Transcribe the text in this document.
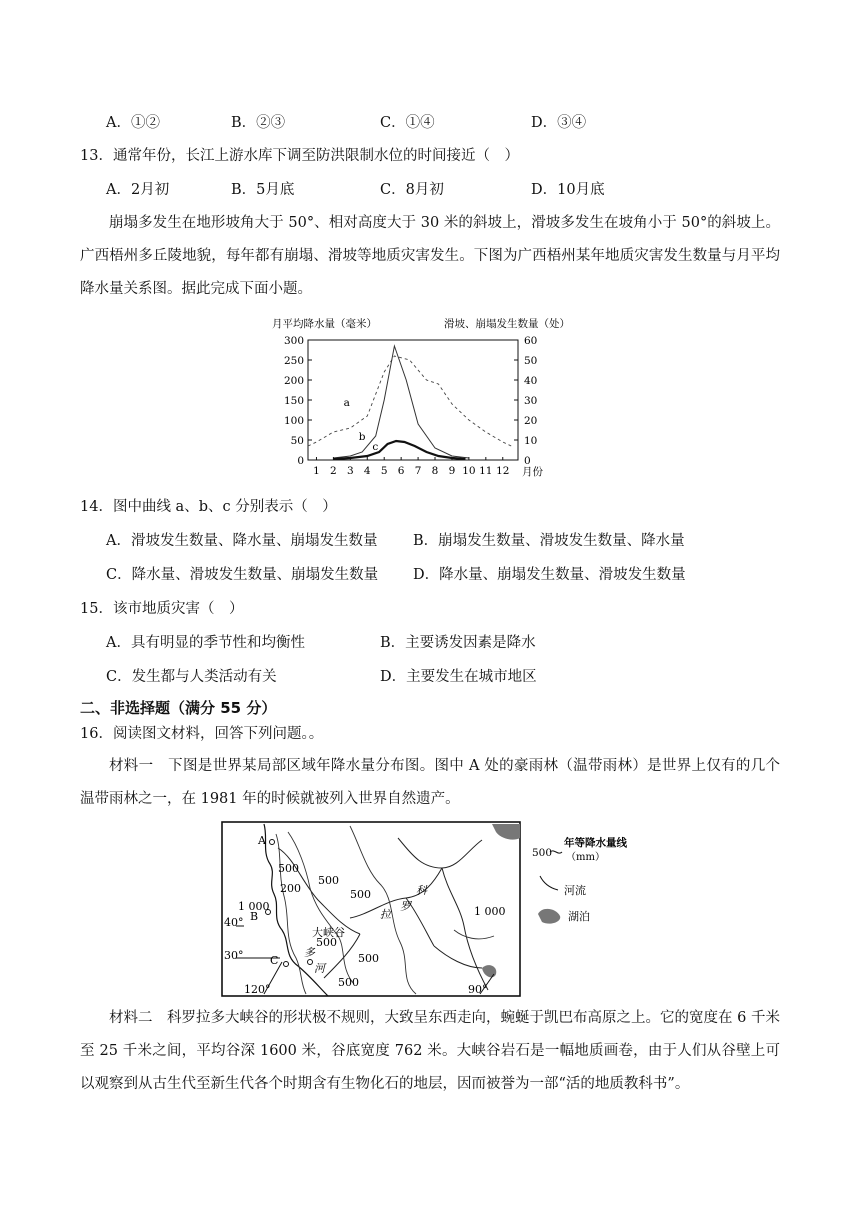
A．①②	B．②③	C．①④	D．③④
13．通常年份，长江上游水库下调至防洪限制水位的时间接近（　）
A．2月初	B．5月底	C．8月初	D．10月底
崩塌多发生在地形坡角大于 50°、相对高度大于 30 米的斜坡上，滑坡多发生在坡角小于 50°的斜坡上。广西梧州多丘陵地貌，每年都有崩塌、滑坡等地质灾害发生。下图为广西梧州某年地质灾害发生数量与月平均降水量关系图。据此完成下面小题。
月平均降水量（毫米）	滑坡、崩塌发生数量（处）
0
50
100
150
200
250
300
0
10
20
30
40
50
60
1 2 3 4 5 6 7 8 9 10 11 12
a
b
c
月份
14．图中曲线 a、b、c 分别表示（　）
A．滑坡发生数量、降水量、崩塌发生数量 B．崩塌发生数量、滑坡发生数量、降水量
C．降水量、滑坡发生数量、崩塌发生数量 D．降水量、崩塌发生数量、滑坡发生数量
15．该市地质灾害（　）
A．具有明显的季节性和均衡性	B．主要诱发因素是降水
C．发生都与人类活动有关	D．主要发生在城市地区
二、非选择题（满分 55 分）
16．阅读图文材料，回答下列问题。。
材料一　下图是世界某局部区域年降水量分布图。图中 A 处的豪雨林（温带雨林）是世界上仅有的几个温带雨林之一，在 1981 年的时候就被列入世界自然遗产。
A
B
C
500
200
500
1 000
500
500
500
500
1 000
40°
30°
120°	90°
科
拉
罗
多
河
大峡谷
500
年等降水量线
（mm）
河流
湖泊
材料二　科罗拉多大峡谷的形状极不规则，大致呈东西走向，蜿蜒于凯巴布高原之上。它的宽度在 6 千米至 25 千米之间，平均谷深 1600 米，谷底宽度 762 米。大峡谷岩石是一幅地质画卷，由于人们从谷壁上可以观察到从古生代至新生代各个时期含有生物化石的地层，因而被誉为一部“活的地质教科书”。
